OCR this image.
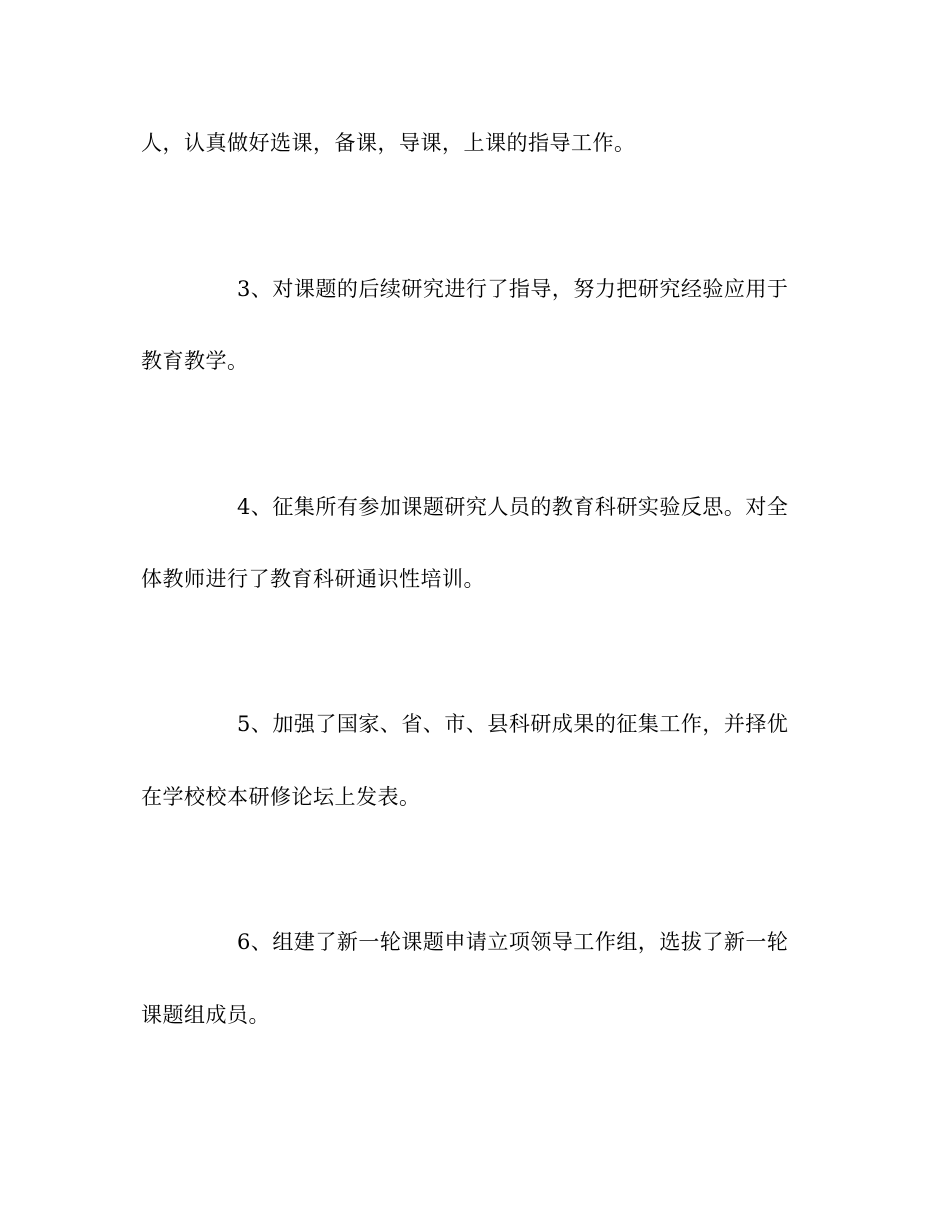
人，认真做好选课，备课，导课，上课的指导工作。
3、对课题的后续研究进行了指导，努力把研究经验应用于
教育教学。
4、征集所有参加课题研究人员的教育科研实验反思。对全
体教师进行了教育科研通识性培训。
5、加强了国家、省、市、县科研成果的征集工作，并择优
在学校校本研修论坛上发表。
6、组建了新一轮课题申请立项领导工作组，选拔了新一轮
课题组成员。
